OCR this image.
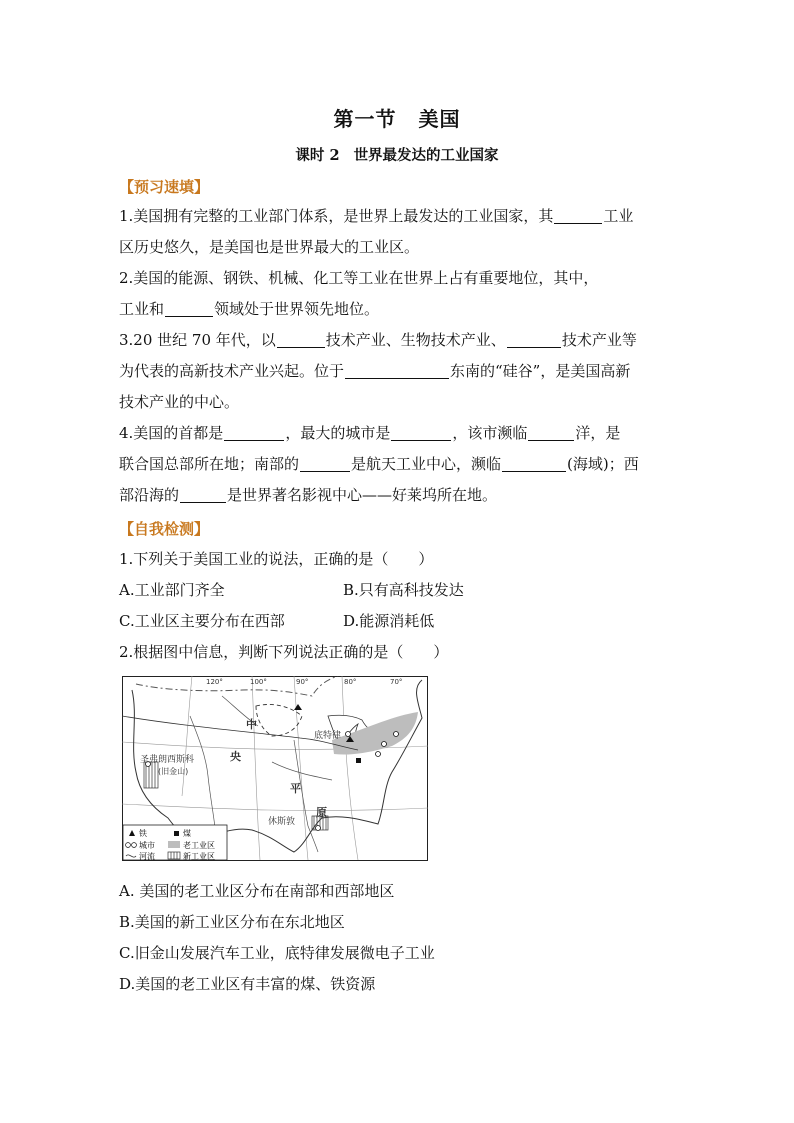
第一节 美国
课时 2 世界最发达的工业国家
【预习速填】
1.美国拥有完整的工业部门体系，是世界上最发达的工业国家，其	工业
区历史悠久，是美国也是世界最大的工业区。
2.美国的能源、钢铁、机械、化工等工业在世界上占有重要地位，其中，
工业和	领域处于世界领先地位。
3.20 世纪 70 年代，以	技术产业、生物技术产业、	技术产业等
为代表的高新技术产业兴起。位于	东南的“硅谷”，是美国高新
技术产业的中心。
4.美国的首都是	，最大的城市是	，该市濒临	洋，是
联合国总部所在地；南部的	是航天工业中心，濒临	(海域)；西
部沿海的	是世界著名影视中心——好莱坞所在地。
【自我检测】
1.下列关于美国工业的说法，正确的是（　　）
A.工业部门齐全	B.只有高科技发达
C.工业区主要分布在西部	D.能源消耗低
2.根据图中信息，判断下列说法正确的是（　　）
120°	100°	90°	80°	70°
中
央
平
原
底特律
圣弗朗西斯科
(旧金山)
休斯敦
铁	煤
城市	老工业区
河流	新工业区
A. 美国的老工业区分布在南部和西部地区
B.美国的新工业区分布在东北地区
C.旧金山发展汽车工业，底特律发展微电子工业
D.美国的老工业区有丰富的煤、铁资源
